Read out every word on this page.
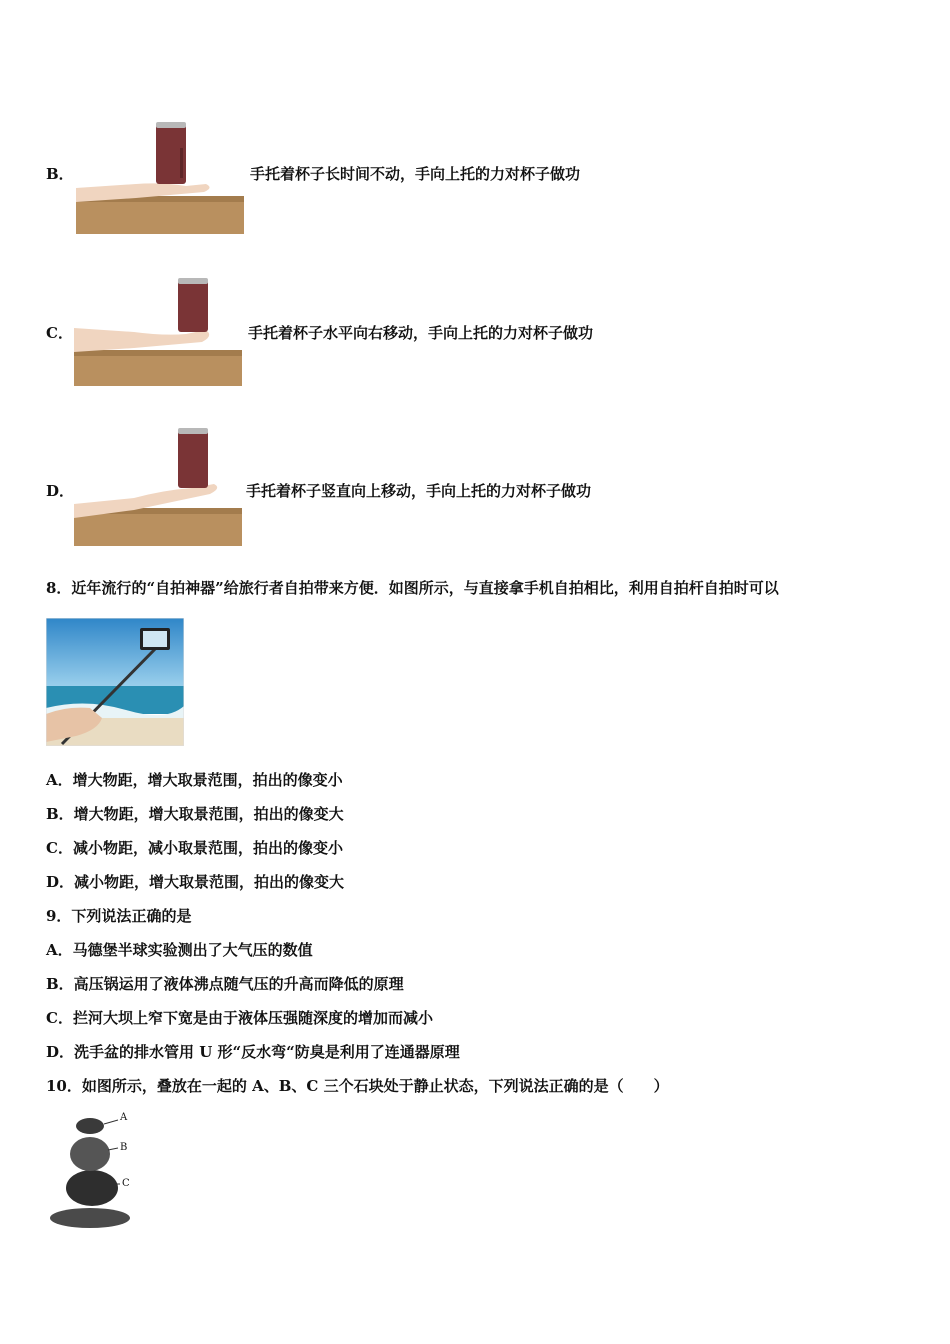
B．	手托着杯子长时间不动，手向上托的力对杯子做功
C．	手托着杯子水平向右移动，手向上托的力对杯子做功
D．	手托着杯子竖直向上移动，手向上托的力对杯子做功
8．近年流行的“自拍神器”给旅行者自拍带来方便．如图所示，与直接拿手机自拍相比，利用自拍杆自拍时可以
A．增大物距，增大取景范围，拍出的像变小
B．增大物距，增大取景范围，拍出的像变大
C．减小物距，减小取景范围，拍出的像变小
D．减小物距，增大取景范围，拍出的像变大
9．下列说法正确的是
A．马德堡半球实验测出了大气压的数值
B．高压锅运用了液体沸点随气压的升高而降低的原理
C．拦河大坝上窄下宽是由于液体压强随深度的增加而减小
D．洗手盆的排水管用 U 形“反水弯“防臭是利用了连通器原理
10．如图所示，叠放在一起的 A、B、C 三个石块处于静止状态，下列说法正确的是（　　）
A
B
C
